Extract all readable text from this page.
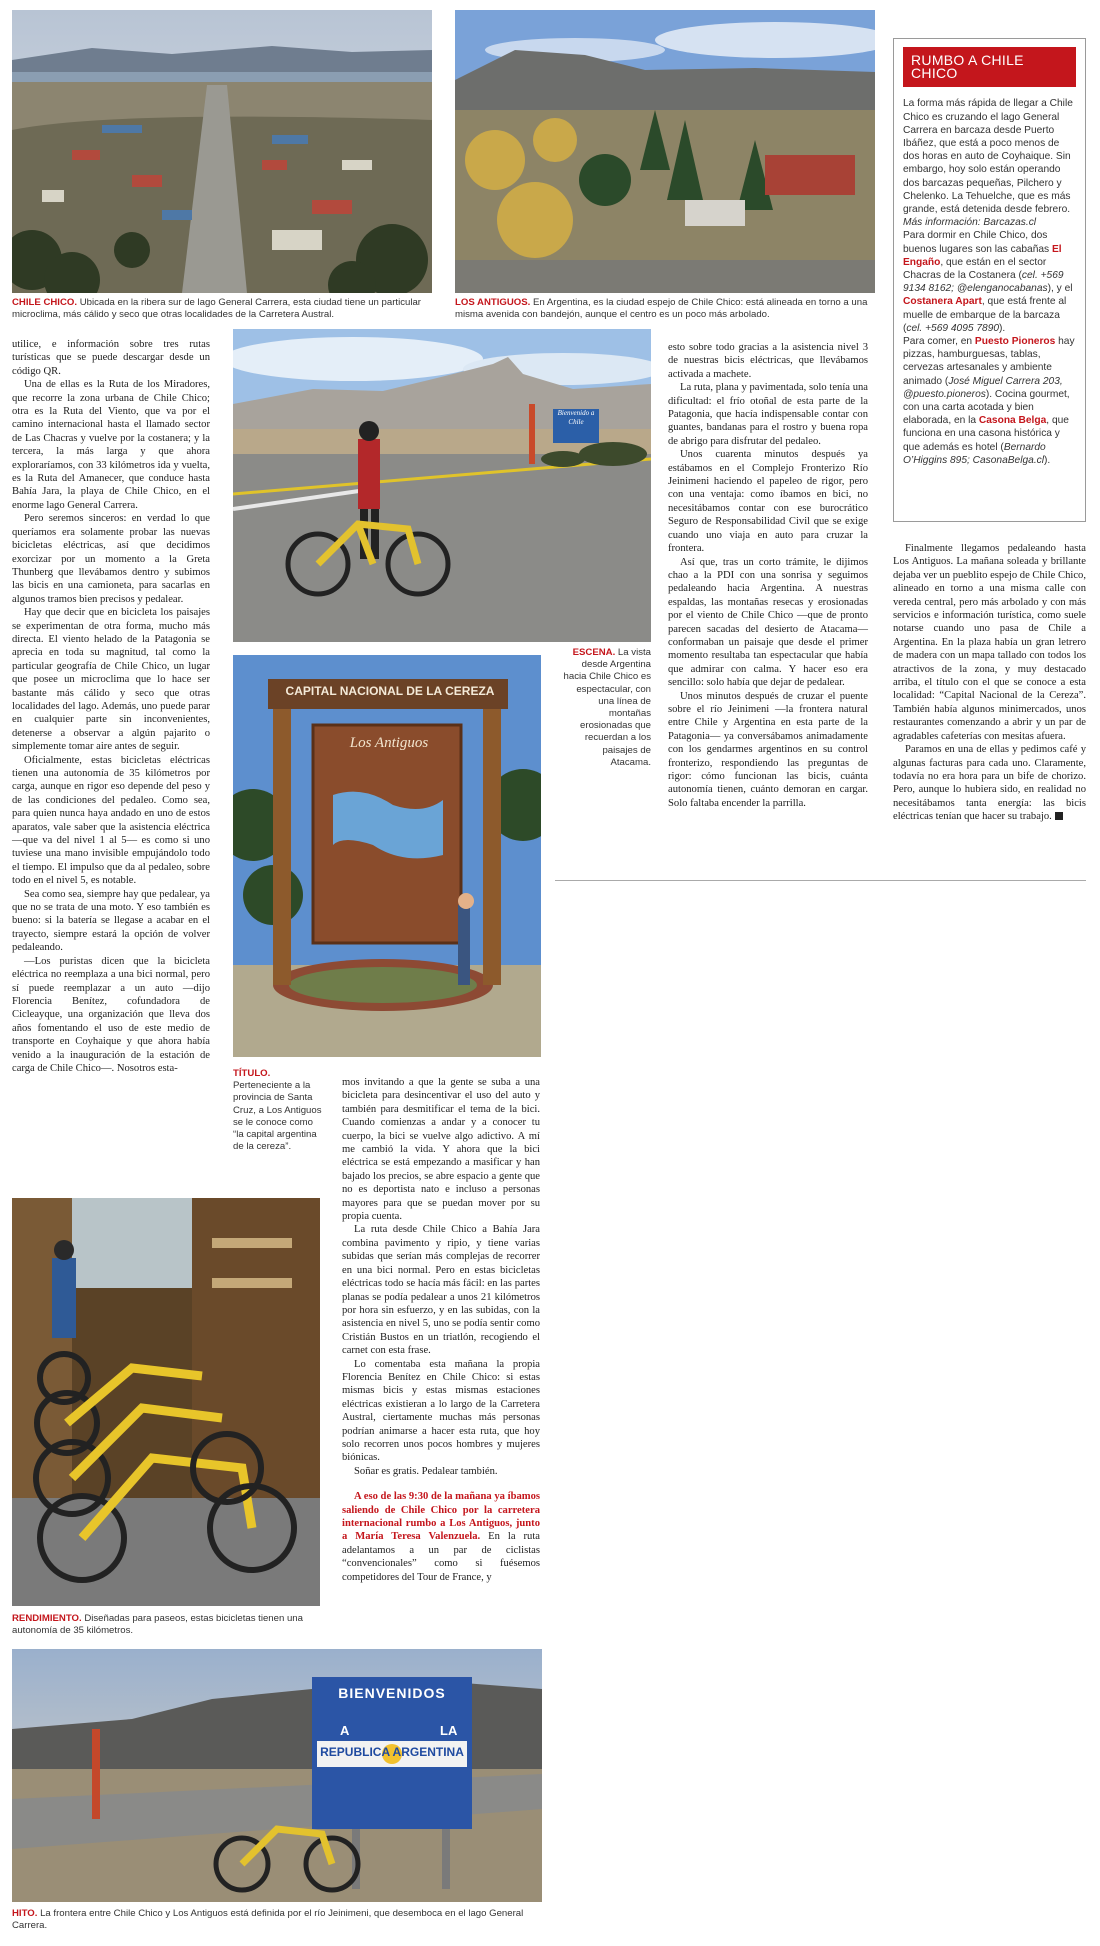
Bienvenido a Chile
CAPITAL NACIONAL DE LA CEREZA
Los Antiguos
BIENVENIDOS
A	LA
REPUBLICA ARGENTINA
CHILE CHICO. Ubicada en la ribera sur de lago General Carrera, esta ciudad tiene un particular microclima, más cálido y seco que otras localidades de la Carretera Austral.
LOS ANTIGUOS. En Argentina, es la ciudad espejo de Chile Chico: está alineada en torno a una misma avenida con bandejón, aunque el centro es un poco más arbolado.
ESCENA. La vista desde Argentina hacia Chile Chico es espectacular, con una línea de montañas erosionadas que recuerdan a los paisajes de Atacama.
TÍTULO.
Perteneciente a la provincia de Santa Cruz, a Los Antiguos se le conoce como “la capital argentina de la cereza”.
RENDIMIENTO. Diseñadas para paseos, estas bicicletas tienen una autonomía de 35 kilómetros.
HITO. La frontera entre Chile Chico y Los Antiguos está definida por el río Jeinimeni, que desemboca en el lago General Carrera.
RUMBO A CHILE CHICO

La forma más rápida de llegar a Chile Chico es cruzando el lago General Carrera en barcaza desde Puerto Ibáñez, que está a poco menos de dos horas en auto de Coyhaique. Sin embargo, hoy solo están operando dos barcazas pequeñas, Pilchero y Chelenko. La Tehuelche, que es más grande, está detenida desde febrero. Más información: Barcazas.cl

Para dormir en Chile Chico, dos buenos lugares son las cabañas El Engaño, que están en el sector Chacras de la Costanera (cel. +569 9134 8162; @elenganocabanas), y el Costanera Apart, que está frente al muelle de embarque de la barcaza (cel. +569 4095 7890).

Para comer, en Puesto Pioneros hay pizzas, hamburguesas, tablas, cervezas artesanales y ambiente animado (José Miguel Carrera 203, @puesto.pioneros). Cocina gourmet, con una carta acotada y bien elaborada, en la Casona Belga, que funciona en una casona histórica y que además es hotel (Bernardo O’Higgins 895; CasonaBelga.cl).

utilice, e información sobre tres rutas turísticas que se puede descargar desde un código QR.

Una de ellas es la Ruta de los Miradores, que recorre la zona urbana de Chile Chico; otra es la Ruta del Viento, que va por el camino internacional hasta el llamado sector de Las Chacras y vuelve por la costanera; y la tercera, la más larga y que ahora exploraríamos, con 33 kilómetros ida y vuelta, es la Ruta del Amanecer, que conduce hasta Bahía Jara, la playa de Chile Chico, en el enorme lago General Carrera.

Pero seremos sinceros: en verdad lo que queríamos era solamente probar las nuevas bicicletas eléctricas, así que decidimos exorcizar por un momento a la Greta Thunberg que llevábamos dentro y subimos las bicis en una camioneta, para sacarlas en algunos tramos bien precisos y pedalear.

Hay que decir que en bicicleta los paisajes se experimentan de otra forma, mucho más directa. El viento helado de la Patagonia se aprecia en toda su magnitud, tal como la particular geografía de Chile Chico, un lugar que posee un microclima que lo hace ser bastante más cálido y seco que otras localidades del lago. Además, uno puede parar en cualquier parte sin inconvenientes, detenerse a observar a algún pajarito o simplemente tomar aire antes de seguir.

Oficialmente, estas bicicletas eléctricas tienen una autonomía de 35 kilómetros por carga, aunque en rigor eso depende del peso y de las condiciones del pedaleo. Como sea, para quien nunca haya andado en uno de estos aparatos, vale saber que la asistencia eléctrica —que va del nivel 1 al 5— es como si uno tuviese una mano invisible empujándolo todo el tiempo. El impulso que da al pedaleo, sobre todo en el nivel 5, es notable.

Sea como sea, siempre hay que pedalear, ya que no se trata de una moto. Y eso también es bueno: si la batería se llegase a acabar en el trayecto, siempre estará la opción de volver pedaleando.

—Los puristas dicen que la bicicleta eléctrica no reemplaza a una bici normal, pero sí puede reemplazar a un auto —dijo Florencia Benítez, cofundadora de Cicleayque, una organización que lleva dos años fomentando el uso de este medio de transporte en Coyhaique y que ahora había venido a la inauguración de la estación de carga de Chile Chico—. Nosotros esta-

mos invitando a que la gente se suba a una bicicleta para desincentivar el uso del auto y también para desmitificar el tema de la bici. Cuando comienzas a andar y a conocer tu cuerpo, la bici se vuelve algo adictivo. A mí me cambió la vida. Y ahora que la bici eléctrica se está empezando a masificar y han bajado los precios, se abre espacio a gente que no es deportista nato e incluso a personas mayores para que se puedan mover por su propia cuenta.

La ruta desde Chile Chico a Bahía Jara combina pavimento y ripio, y tiene varias subidas que serían más complejas de recorrer en una bici normal. Pero en estas bicicletas eléctricas todo se hacía más fácil: en las partes planas se podía pedalear a unos 21 kilómetros por hora sin esfuerzo, y en las subidas, con la asistencia en nivel 5, uno se podía sentir como Cristián Bustos en un triatlón, recogiendo el carnet con esta frase.

Lo comentaba esta mañana la propia Florencia Benítez en Chile Chico: si estas mismas bicis y estas mismas estaciones eléctricas existieran a lo largo de la Carretera Austral, ciertamente muchas más personas podrían animarse a hacer esta ruta, que hoy solo recorren unos pocos hombres y mujeres biónicas.

Soñar es gratis. Pedalear también.

A eso de las 9:30 de la mañana ya íbamos saliendo de Chile Chico por la carretera internacional rumbo a Los Antiguos, junto a María Teresa Valenzuela. En la ruta adelantamos a un par de ciclistas “convencionales” como si fuésemos competidores del Tour de France, y

esto sobre todo gracias a la asistencia nivel 3 de nuestras bicis eléctricas, que llevábamos activada a machete.

La ruta, plana y pavimentada, solo tenía una dificultad: el frío otoñal de esta parte de la Patagonia, que hacía indispensable contar con guantes, bandanas para el rostro y buena ropa de abrigo para disfrutar del pedaleo.

Unos cuarenta minutos después ya estábamos en el Complejo Fronterizo Río Jeinimeni haciendo el papeleo de rigor, pero con una ventaja: como íbamos en bici, no necesitábamos contar con ese burocrático Seguro de Responsabilidad Civil que se exige cuando uno viaja en auto para cruzar la frontera.

Así que, tras un corto trámite, le dijimos chao a la PDI con una sonrisa y seguimos pedaleando hacia Argentina. A nuestras espaldas, las montañas resecas y erosionadas por el viento de Chile Chico —que de pronto parecen sacadas del desierto de Atacama— conformaban un paisaje que desde el primer momento resultaba tan espectacular que había que admirar con calma. Y hacer eso era sencillo: solo había que dejar de pedalear.

Unos minutos después de cruzar el puente sobre el río Jeinimeni —la frontera natural entre Chile y Argentina en esta parte de la Patagonia— ya conversábamos animadamente con los gendarmes argentinos en su control fronterizo, respondiendo las preguntas de rigor: cómo funcionan las bicis, cuánta autonomía tienen, cuánto demoran en cargar. Solo faltaba encender la parrilla.

Finalmente llegamos pedaleando hasta Los Antiguos. La mañana soleada y brillante dejaba ver un pueblito espejo de Chile Chico, alineado en torno a una misma calle con vereda central, pero más arbolado y con más servicios e información turística, como suele notarse cuando uno pasa de Chile a Argentina. En la plaza había un gran letrero de madera con un mapa tallado con todos los atractivos de la zona, y muy destacado arriba, el título con el que se conoce a esta localidad: “Capital Nacional de la Cereza”. También había algunos minimercados, unos restaurantes comenzando a abrir y un par de agradables cafeterías con mesitas afuera.

Paramos en una de ellas y pedimos café y algunas facturas para cada uno. Claramente, todavía no era hora para un bife de chorizo. Pero, aunque lo hubiera sido, en realidad no necesitábamos tanta energía: las bicis eléctricas tenían que hacer su trabajo.
